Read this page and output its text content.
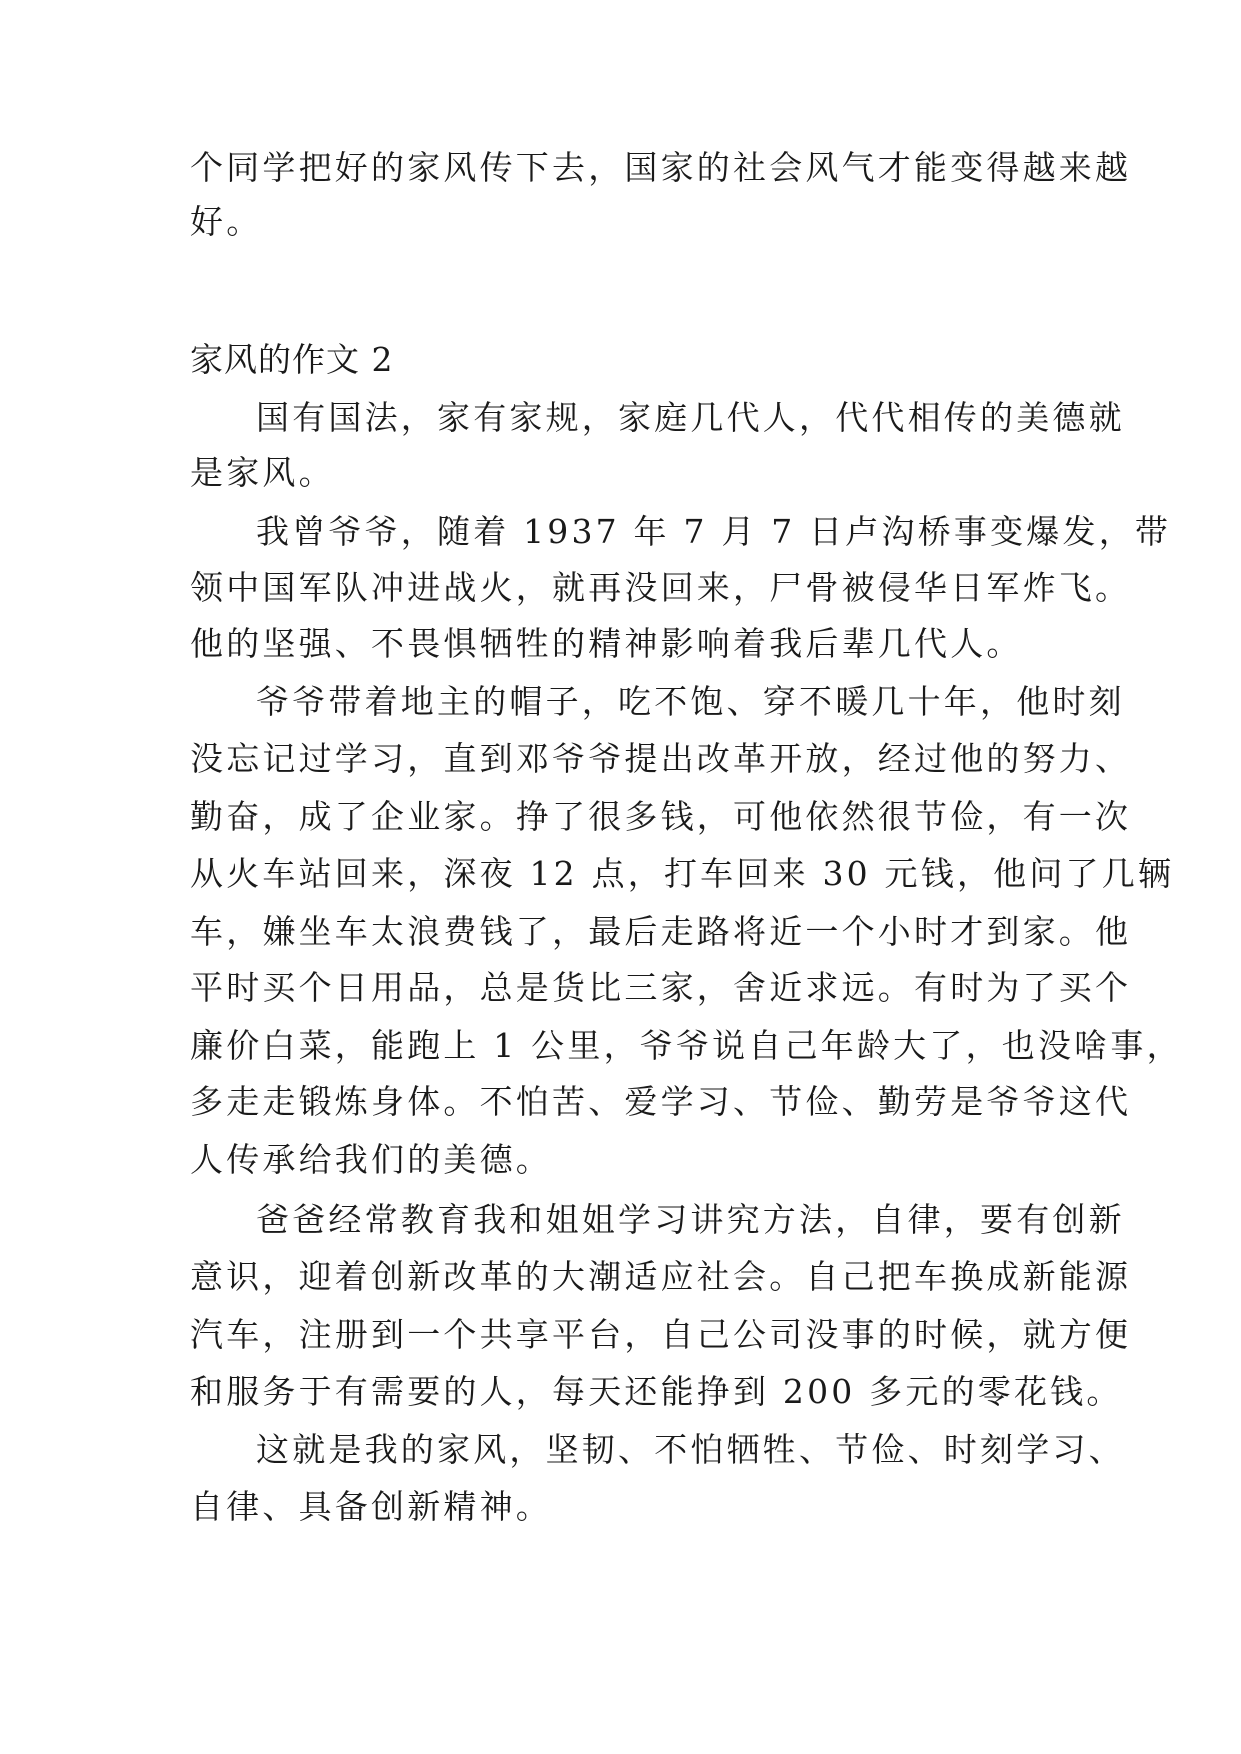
个同学把好的家风传下去，国家的社会风气才能变得越来越

好。

家风的作文 2

国有国法，家有家规，家庭几代人，代代相传的美德就

是家风。

我曾爷爷，随着 1937 年 7 月 7 日卢沟桥事变爆发，带

领中国军队冲进战火，就再没回来，尸骨被侵华日军炸飞。

他的坚强、不畏惧牺牲的精神影响着我后辈几代人。

爷爷带着地主的帽子，吃不饱、穿不暖几十年，他时刻

没忘记过学习，直到邓爷爷提出改革开放，经过他的努力、

勤奋，成了企业家。挣了很多钱，可他依然很节俭，有一次

从火车站回来，深夜 12 点，打车回来 30 元钱，他问了几辆

车，嫌坐车太浪费钱了，最后走路将近一个小时才到家。他

平时买个日用品，总是货比三家，舍近求远。有时为了买个

廉价白菜，能跑上 1 公里，爷爷说自己年龄大了，也没啥事，

多走走锻炼身体。不怕苦、爱学习、节俭、勤劳是爷爷这代

人传承给我们的美德。

爸爸经常教育我和姐姐学习讲究方法，自律，要有创新

意识，迎着创新改革的大潮适应社会。自己把车换成新能源

汽车，注册到一个共享平台，自己公司没事的时候，就方便

和服务于有需要的人，每天还能挣到 200 多元的零花钱。

这就是我的家风，坚韧、不怕牺牲、节俭、时刻学习、

自律、具备创新精神。
